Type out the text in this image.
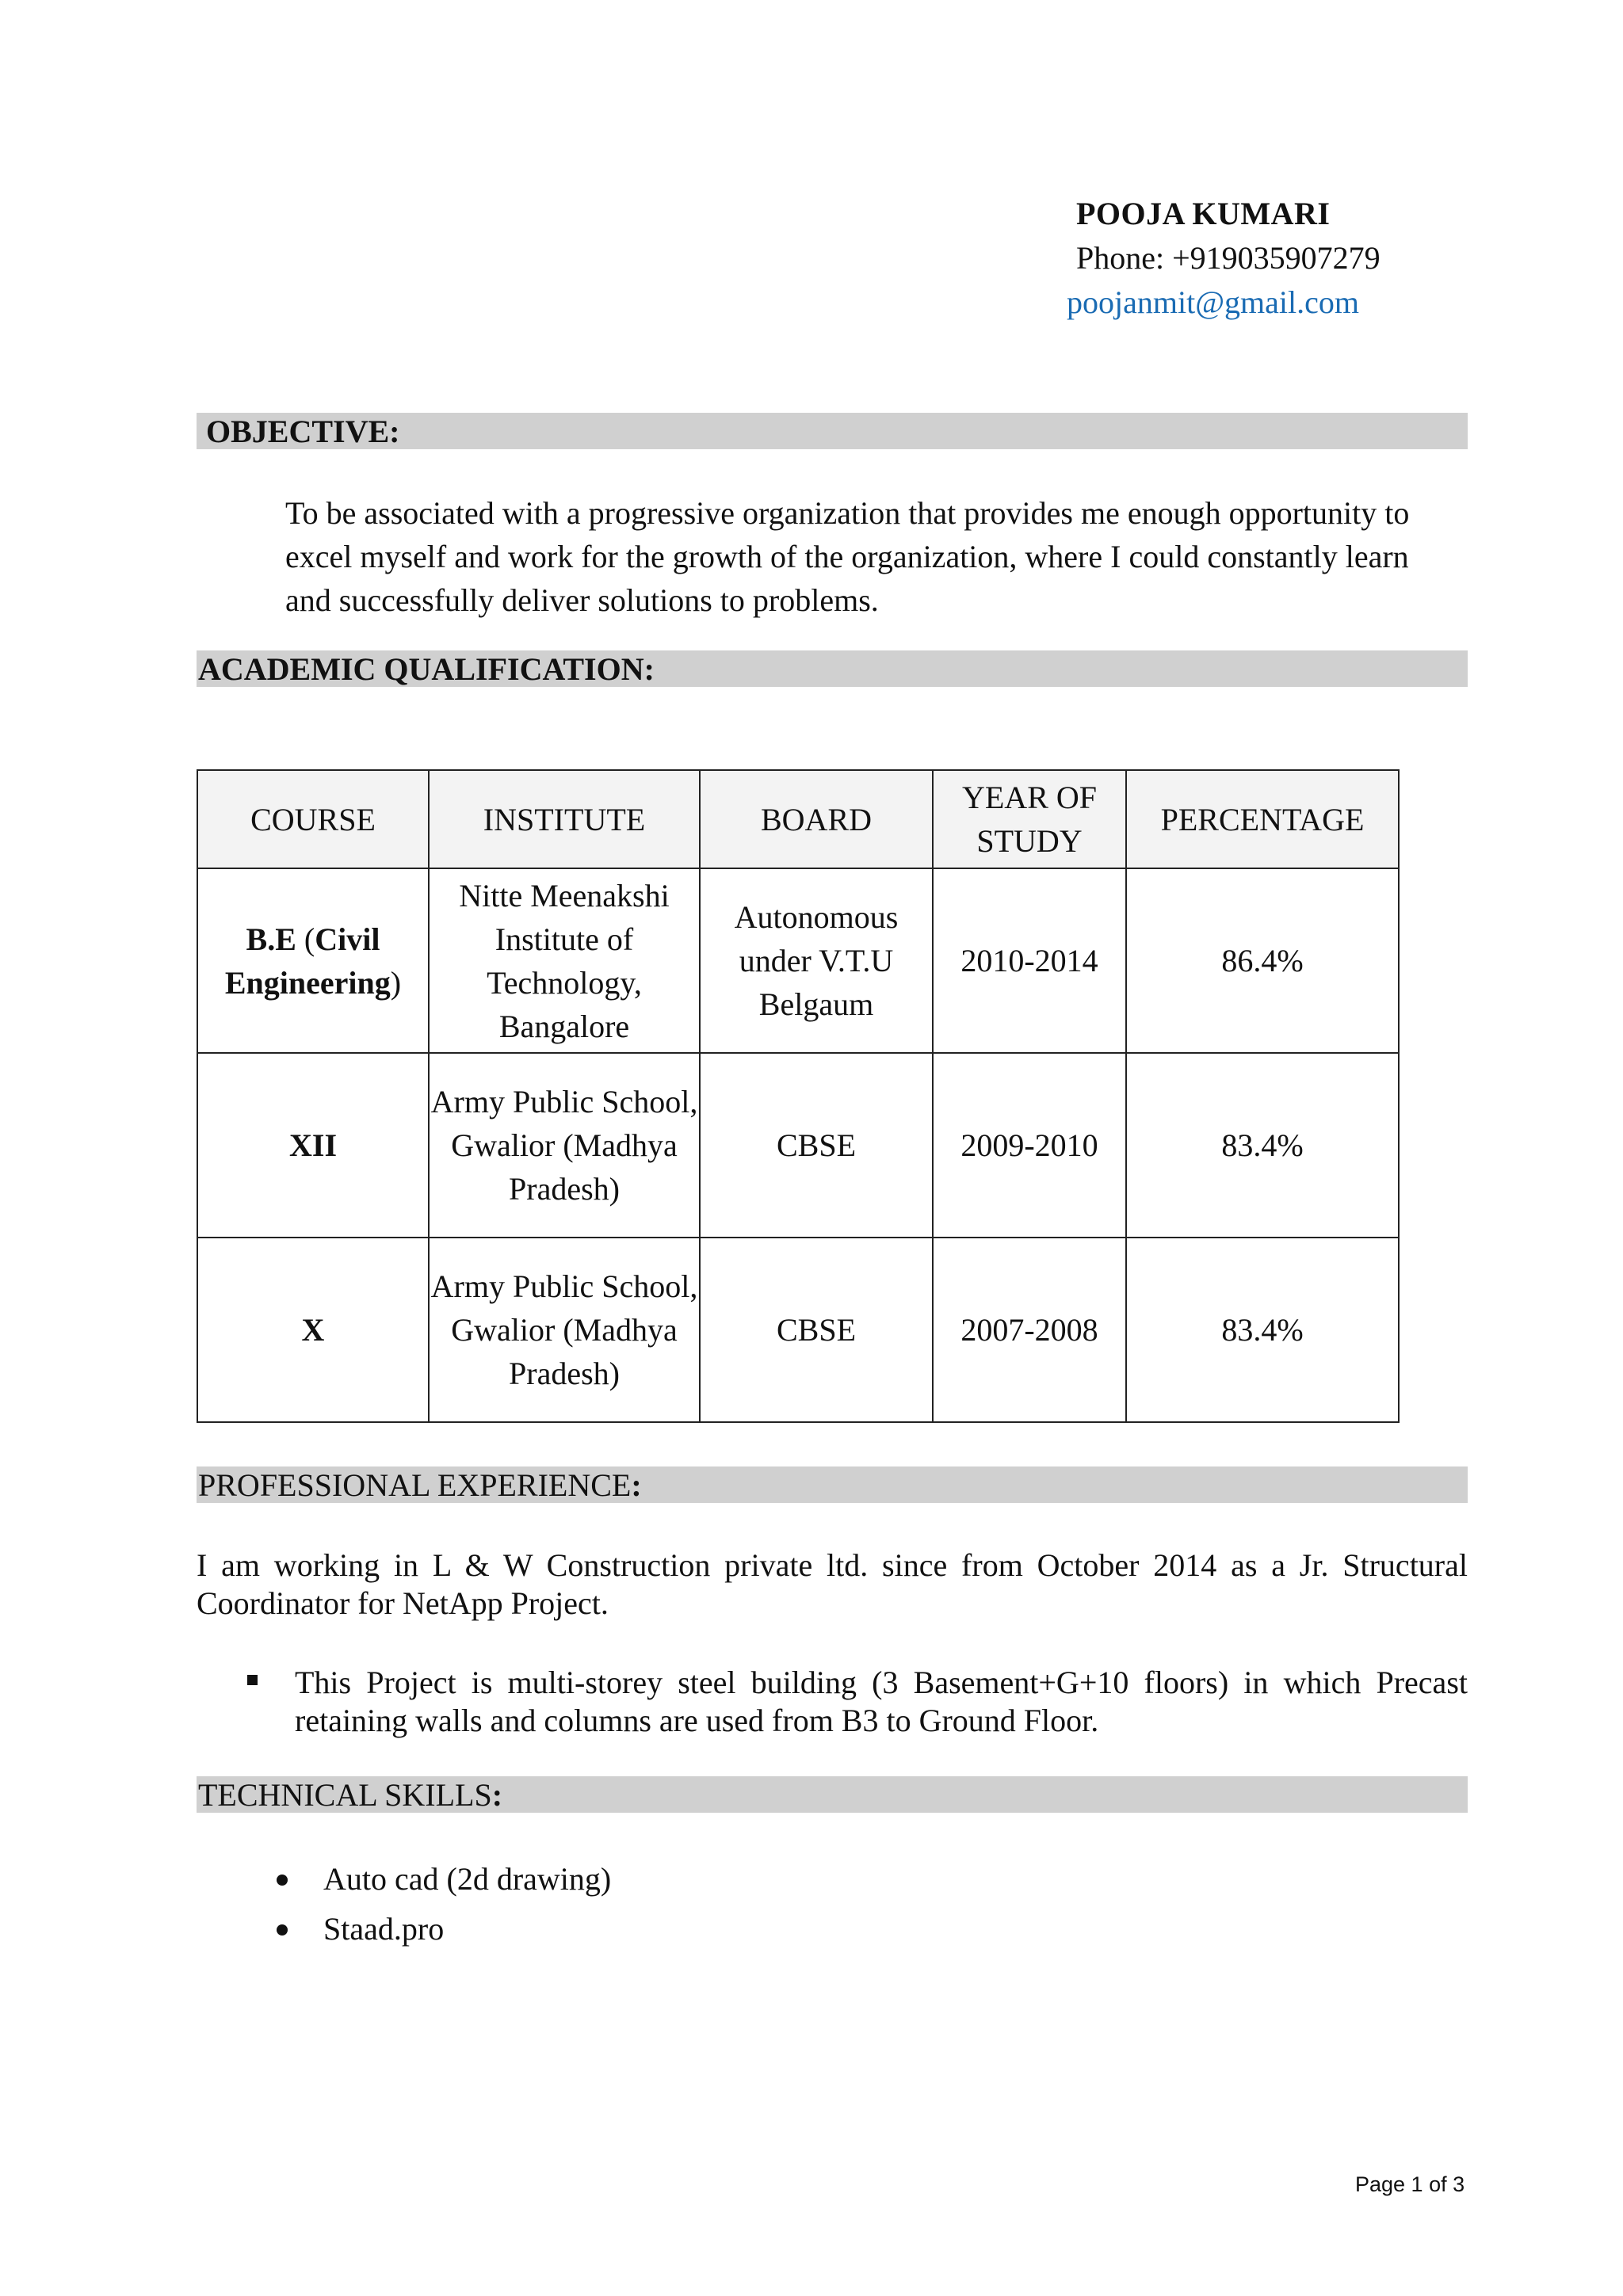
POOJA KUMARI
Phone: +919035907279
poojanmit@gmail.com
OBJECTIVE:
To be associated with a progressive organization that provides me enough opportunity to excel myself and work for the growth of the organization, where I could constantly learn and successfully deliver solutions to problems.
ACADEMIC QUALIFICATION:
COURSE	INSTITUTE	BOARD	YEAR OF STUDY	PERCENTAGE
B.E (Civil Engineering)	Nitte Meenakshi Institute of Technology, Bangalore	Autonomous under V.T.U Belgaum	2010-2014	86.4%
XII	Army Public School, Gwalior (Madhya Pradesh)	CBSE	2009-2010	83.4%
X	Army Public School, Gwalior (Madhya Pradesh)	CBSE	2007-2008	83.4%
PROFESSIONAL EXPERIENCE:
I am working in L & W Construction private ltd. since from October 2014 as a Jr. Structural Coordinator for NetApp Project.
This Project is multi-storey steel building (3 Basement+G+10 floors) in which Precast retaining walls and columns are used from B3 to Ground Floor.
TECHNICAL SKILLS:
Auto cad (2d drawing)
Staad.pro
Page 1 of 3
